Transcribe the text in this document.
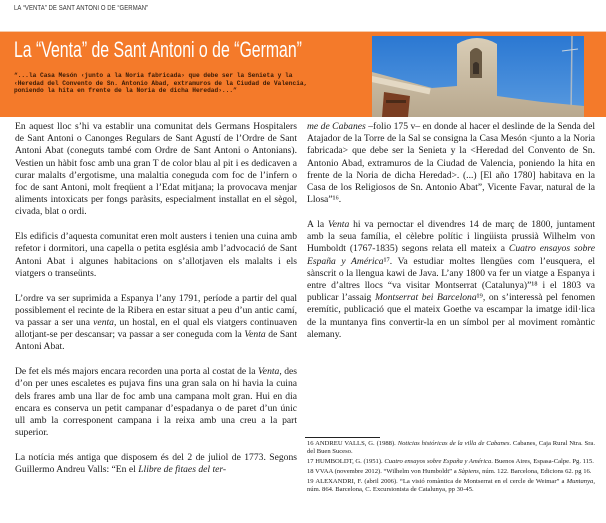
LA “VENTA” DE SANT ANTONI O DE “GERMAN”
La “Venta” de Sant Antoni o de “German”
“...la Casa Mesón ‹junto a la Noria fabricada› que debe ser la Senieta y la ‹Heredad del Convento de Sn. Antonio Abad, extramuros de la Ciudad de Valencia, poniendo la hita en frente de la Noria de dicha Heredad›...”

En aquest lloc s’hi va establir una comunitat dels Germans Hospitalers de Sant Antoni o Canonges Regulars de Sant Agustí de l’Ordre de Sant Antoni Abat (coneguts també com Ordre de Sant Antoni o Antonians). Vestien un hàbit fosc amb una gran T de color blau al pit i es dedicaven a curar malalts d’ergotisme, una malaltia coneguda com foc de l’infern o foc de sant Antoni, molt freqüent a l’Edat mitjana; la provocava menjar aliments intoxicats per fongs paràsits, especialment installat en el sègol, civada, blat o ordi.

Els edificis d’aquesta comunitat eren molt austers i tenien una cuina amb refetor i dormitori, una capella o petita església amb l’advocació de Sant Antoni Abat i algunes habitacions on s’allotjaven els malalts i els viatgers o transeünts.

L’ordre va ser suprimida a Espanya l’any 1791, període a partir del qual possiblement el recinte de la Ribera en estar situat a peu d’un antic camí, va passar a ser una venta, un hostal, en el qual els viatgers continuaven allotjant-se per descansar; va passar a ser coneguda com la Venta de Sant Antoni Abat.

De fet els més majors encara recorden una porta al costat de la Venta, des d’on per unes escaletes es pujava fins una gran sala on hi havia la cuina dels frares amb una llar de foc amb una campana molt gran. Hui en dia encara es conserva un petit campanar d’espadanya o de paret d’un únic ull amb la corresponent campana i la reixa amb una creu a la part superior.

La notícia més antiga que disposem és del 2 de juliol de 1773. Segons Guillermo Andreu Valls: “En el Llibre de fitaes del ter-

me de Cabanes –folio 175 v– en donde al hacer el deslinde de la Senda del Atajador de la Torre de la Sal se consigna la Casa Mesón <junto a la Noria fabricada> que debe ser la Senieta y la <Heredad del Convento de Sn. Antonio Abad, extramuros de la Ciudad de Valencia, poniendo la hita en frente de la Noria de dicha Heredad>. (...) [El año 1780] habitava en la Casa de los Religiosos de Sn. Antonio Abat”, Vicente Favar, natural de la Llosa”¹⁶.

A la Venta hi va pernoctar el divendres 14 de març de 1800, juntament amb la seua família, el cèlebre polític i lingüista prussià Wilhelm von Humboldt (1767-1835) segons relata ell mateix a Cuatro ensayos sobre España y América¹⁷. Va estudiar moltes llengües com l’eusquera, el sànscrit o la llengua kawi de Java. L’any 1800 va fer un viatge a Espanya i entre d’altres llocs “va visitar Montserrat (Catalunya)”¹⁸ i el 1803 va publicar l’assaig Montserrat bei Barcelona¹⁹, on s’interessà pel fenomen eremític, publicació que el mateix Goethe va escampar la imatge idil·lica de la muntanya fins convertir-la en un símbol per al moviment romàntic alemany.

16 ANDREU VALLS, G. (1988). Noticias históricas de la villa de Cabanes. Cabanes, Caja Rural Ntra. Sra. del Buen Suceso.

17 HUMBOLDT, G. (1951). Cuatro ensayos sobre España y América. Buenos Aires, Espasa-Calpe. Pg. 115.

18 VVAA (novembre 2012). “Wilhelm von Humboldt” a Sàpiens, núm. 122. Barcelona, Edicions 62. pg 16.

19 ALEXANDRI, F. (abril 2006). “La visió romàntica de Montserrat en el cercle de Weimar” a Muntanya, núm. 864. Barcelona, C. Excursionista de Catalunya, pp 30-45.
